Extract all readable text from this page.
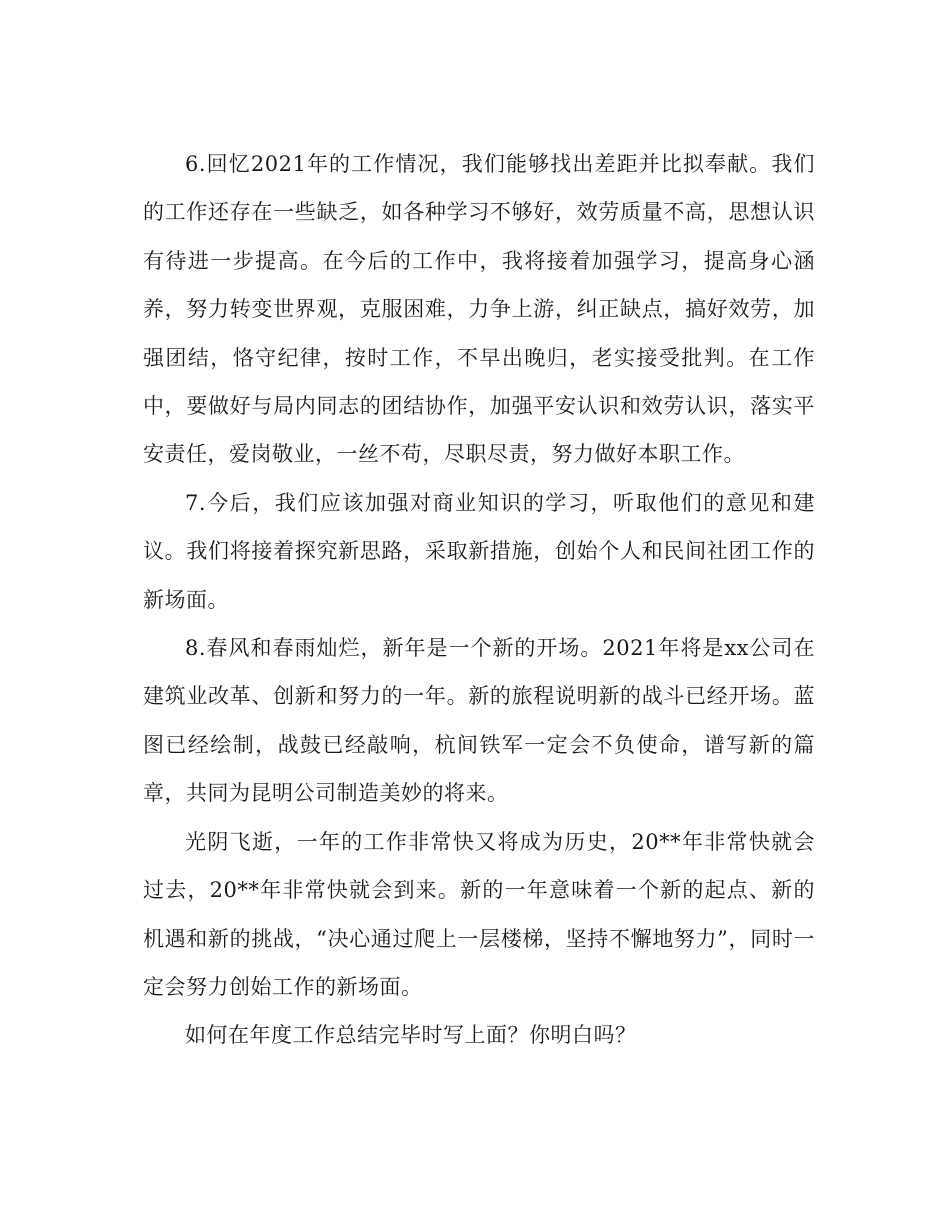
6.回忆2021年的工作情况，我们能够找出差距并比拟奉献。我们的工作还存在一些缺乏，如各种学习不够好，效劳质量不高，思想认识有待进一步提高。在今后的工作中，我将接着加强学习，提高身心涵养，努力转变世界观，克服困难，力争上游，纠正缺点，搞好效劳，加强团结，恪守纪律，按时工作，不早出晚归，老实接受批判。在工作中，要做好与局内同志的团结协作，加强平安认识和效劳认识，落实平安责任，爱岗敬业，一丝不苟，尽职尽责，努力做好本职工作。

7.今后，我们应该加强对商业知识的学习，听取他们的意见和建议。我们将接着探究新思路，采取新措施，创始个人和民间社团工作的新场面。

8.春风和春雨灿烂，新年是一个新的开场。2021年将是xx公司在建筑业改革、创新和努力的一年。新的旅程说明新的战斗已经开场。蓝图已经绘制，战鼓已经敲响，杭间铁军一定会不负使命，谱写新的篇章，共同为昆明公司制造美妙的将来。

光阴飞逝，一年的工作非常快又将成为历史，20**年非常快就会过去，20**年非常快就会到来。新的一年意味着一个新的起点、新的机遇和新的挑战，“决心通过爬上一层楼梯，坚持不懈地努力”，同时一定会努力创始工作的新场面。

如何在年度工作总结完毕时写上面？你明白吗？
